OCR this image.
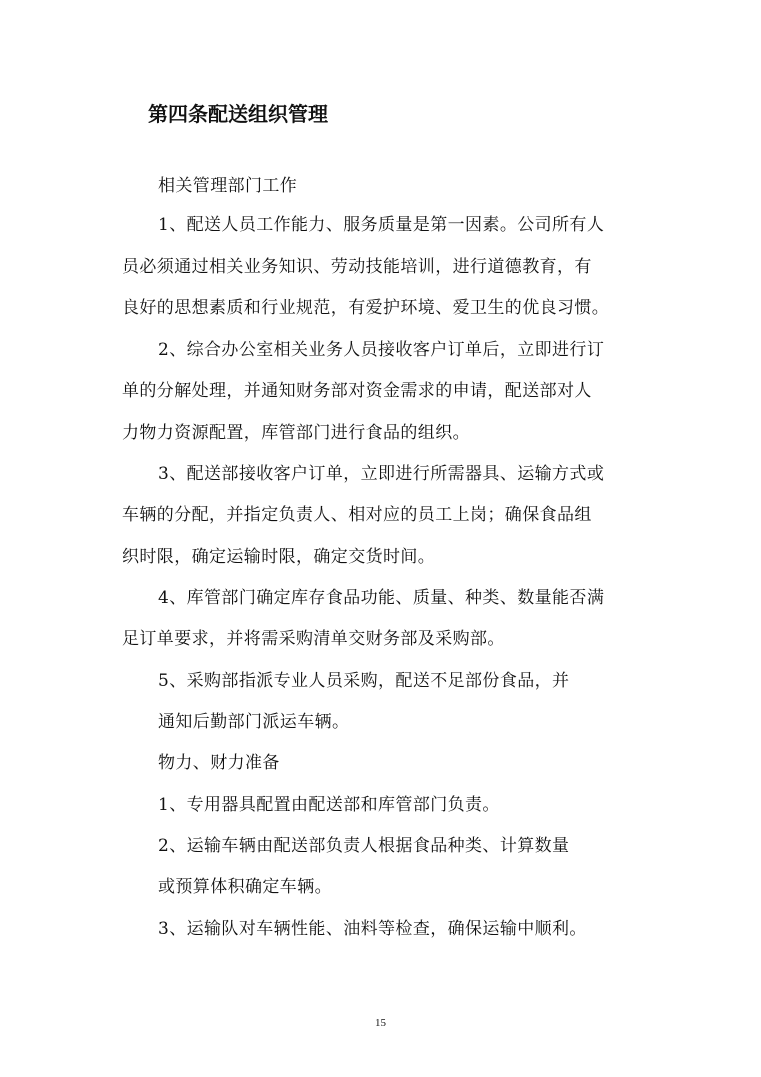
第四条配送组织管理
相关管理部门工作
1、配送人员工作能力、服务质量是第一因素。公司所有人
员必须通过相关业务知识、劳动技能培训，进行道德教育，有
良好的思想素质和行业规范，有爱护环境、爱卫生的优良习惯。
2、综合办公室相关业务人员接收客户订单后，立即进行订
单的分解处理，并通知财务部对资金需求的申请，配送部对人
力物力资源配置，库管部门进行食品的组织。
3、配送部接收客户订单，立即进行所需器具、运输方式或
车辆的分配，并指定负责人、相对应的员工上岗；确保食品组
织时限，确定运输时限，确定交货时间。
4、库管部门确定库存食品功能、质量、种类、数量能否满
足订单要求，并将需采购清单交财务部及采购部。
5、采购部指派专业人员采购，配送不足部份食品，并
通知后勤部门派运车辆。
物力、财力准备
1、专用器具配置由配送部和库管部门负责。
2、运输车辆由配送部负责人根据食品种类、计算数量
或预算体积确定车辆。
3、运输队对车辆性能、油料等检查，确保运输中顺利。
15
